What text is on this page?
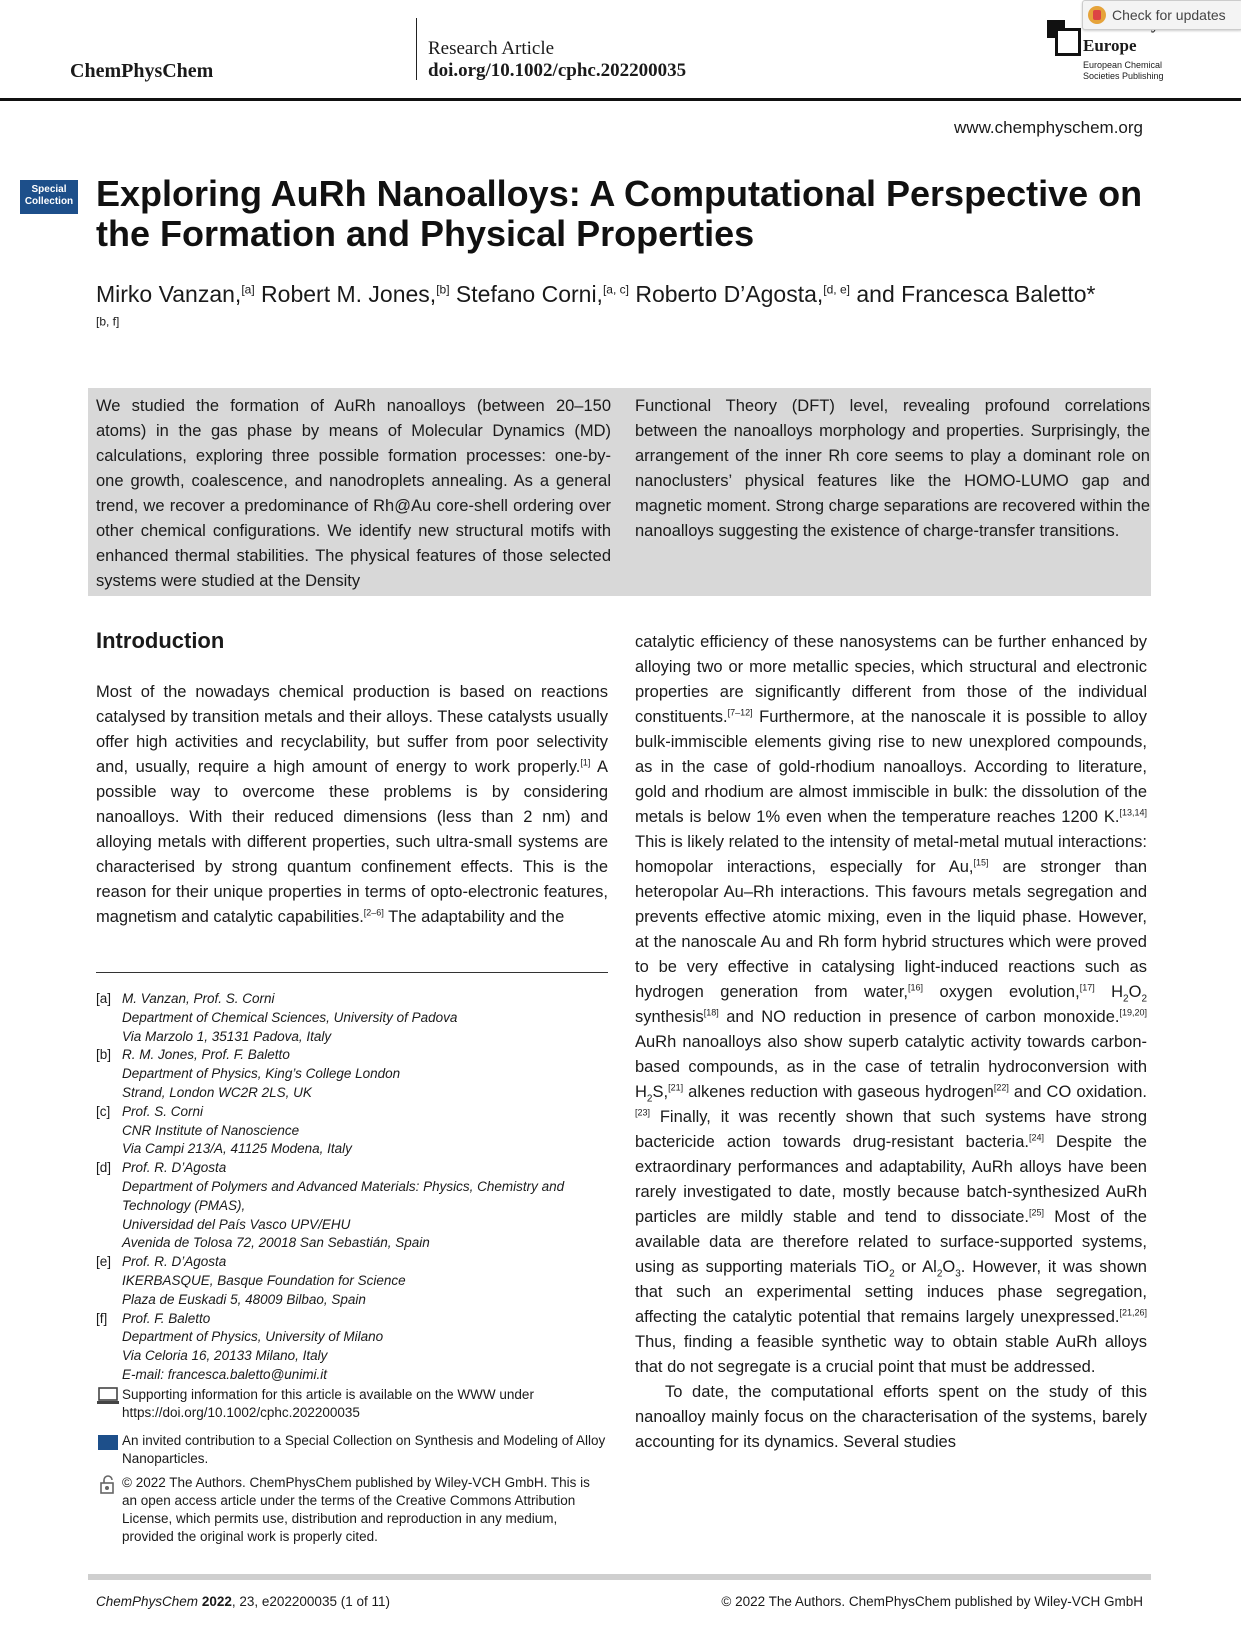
ChemPhysChem
Research Article
doi.org/10.1002/cphc.202200035
Europe
European Chemical
Societies Publishing
Check for updates
www.chemphyschem.org
Special
Collection Exploring AuRh Nanoalloys: A Computational Perspective on the Formation and Physical Properties
Mirko Vanzan,[a] Robert M. Jones,[b] Stefano Corni,[a, c] Roberto D’Agosta,[d, e] and Francesca Baletto*[b, f]
We studied the formation of AuRh nanoalloys (between 20–150 atoms) in the gas phase by means of Molecular Dynamics (MD) calculations, exploring three possible formation processes: one-by-one growth, coalescence, and nanodroplets annealing. As a general trend, we recover a predominance of Rh@Au core-shell ordering over other chemical configurations. We identify new structural motifs with enhanced thermal stabilities. The physical features of those selected systems were studied at the Density
Functional Theory (DFT) level, revealing profound correlations between the nanoalloys morphology and properties. Surprisingly, the arrangement of the inner Rh core seems to play a dominant role on nanoclusters’ physical features like the HOMO-LUMO gap and magnetic moment. Strong charge separations are recovered within the nanoalloys suggesting the existence of charge-transfer transitions.
Introduction

Most of the nowadays chemical production is based on reactions catalysed by transition metals and their alloys. These catalysts usually offer high activities and recyclability, but suffer from poor selectivity and, usually, require a high amount of energy to work properly.[1] A possible way to overcome these problems is by considering nanoalloys. With their reduced dimensions (less than 2 nm) and alloying metals with different properties, such ultra-small systems are characterised by strong quantum confinement effects. This is the reason for their unique properties in terms of opto-electronic features, magnetism and catalytic capabilities.[2–6] The adaptability and the

catalytic efficiency of these nanosystems can be further enhanced by alloying two or more metallic species, which structural and electronic properties are significantly different from those of the individual constituents.[7–12] Furthermore, at the nanoscale it is possible to alloy bulk-immiscible elements giving rise to new unexplored compounds, as in the case of gold-rhodium nanoalloys. According to literature, gold and rhodium are almost immiscible in bulk: the dissolution of the metals is below 1% even when the temperature reaches 1200 K.[13,14] This is likely related to the intensity of metal-metal mutual interactions: homopolar interactions, especially for Au,[15] are stronger than heteropolar Au–Rh interactions. This favours metals segregation and prevents effective atomic mixing, even in the liquid phase. However, at the nanoscale Au and Rh form hybrid structures which were proved to be very effective in catalysing light-induced reactions such as hydrogen generation from water,[16] oxygen evolution,[17] $H_2O_2$ synthesis[18] and NO reduction in presence of carbon monoxide.[19,20] AuRh nanoalloys also show superb catalytic activity towards carbon-based compounds, as in the case of tetralin hydroconversion with $H_2S,[21]$ alkenes reduction with gaseous hydrogen[22] and CO oxidation.[23] Finally, it was recently shown that such systems have strong bactericide action towards drug-resistant bacteria.[24] Despite the extraordinary performances and adaptability, AuRh alloys have been rarely investigated to date, mostly because batch-synthesized AuRh particles are mildly stable and tend to dissociate.[25] Most of the available data are therefore related to surface-supported systems, using as supporting materials TiO$_2$ or $Al_2O_3$. However, it was shown that such an experimental setting induces phase segregation, affecting the catalytic potential that remains largely unexpressed.[21,26] Thus, finding a feasible synthetic way to obtain stable AuRh alloys that do not segregate is a crucial point that must be addressed.

To date, the computational efforts spent on the study of this nanoalloy mainly focus on the characterisation of the systems, barely accounting for its dynamics. Several studies

[a] M. Vanzan, Prof. S. Corni
Department of Chemical Sciences, University of Padova
Via Marzolo 1, 35131 Padova, Italy
[b] R. M. Jones, Prof. F. Baletto
Department of Physics, King’s College London
Strand, London WC2R 2LS, UK
[c] Prof. S. Corni
CNR Institute of Nanoscience
Via Campi 213/A, 41125 Modena, Italy
[d] Prof. R. D’Agosta
Department of Polymers and Advanced Materials: Physics, Chemistry and Technology (PMAS),
Universidad del País Vasco UPV/EHU
Avenida de Tolosa 72, 20018 San Sebastián, Spain
[e] Prof. R. D’Agosta
IKERBASQUE, Basque Foundation for Science
Plaza de Euskadi 5, 48009 Bilbao, Spain
[f]	Prof. F. Baletto
Department of Physics, University of Milano
Via Celoria 16, 20133 Milano, Italy
E-mail: francesca.baletto@unimi.it
Supporting information for this article is available on the WWW under https://doi.org/10.1002/cphc.202200035
An invited contribution to a Special Collection on Synthesis and Modeling of Alloy Nanoparticles.
© 2022 The Authors. ChemPhysChem published by Wiley-VCH GmbH. This is an open access article under the terms of the Creative Commons Attribution License, which permits use, distribution and reproduction in any medium, provided the original work is properly cited.
ChemPhysChem 2022, 23, e202200035 (1 of 11)	© 2022 The Authors. ChemPhysChem published by Wiley-VCH GmbH
